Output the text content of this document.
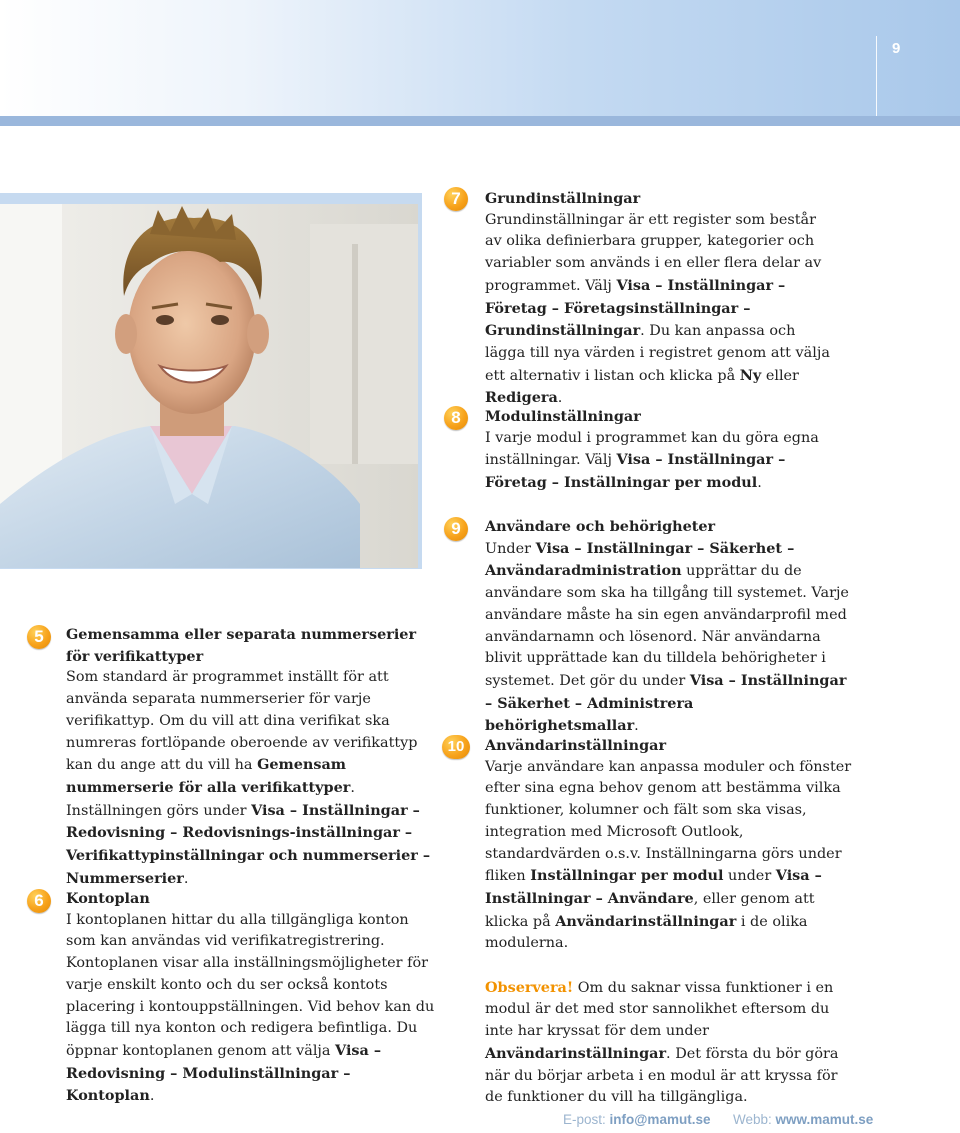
9
5	Gemensamma eller separata nummerserier för verifikattyper
Som standard är programmet inställt för att använda separata nummerserier för varje verifikattyp. Om du vill att dina verifikat ska numreras fortlöpande oberoende av verifikattyp kan du ange att du vill ha Gemensam nummerserie för alla verifikattyper. Inställningen görs under Visa – Inställningar – Redovisning – Redovisnings-inställningar – Verifikattypinställningar och nummerserier – Nummerserier.

6	Kontoplan
I kontoplanen hittar du alla tillgängliga konton som kan användas vid verifikatregistrering. Kontoplanen visar alla inställningsmöjligheter för varje enskilt konto och du ser också kontots placering i kontouppställningen. Vid behov kan du lägga till nya konton och redigera befintliga. Du öppnar kontoplanen genom att välja Visa – Redovisning – Modulinställningar – Kontoplan.

7	Grundinställningar
Grundinställningar är ett register som består av olika definierbara grupper, kategorier och variabler som används i en eller flera delar av programmet. Välj Visa – Inställningar – Företag – Företagsinställningar – Grundinställningar. Du kan anpassa och lägga till nya värden i registret genom att välja ett alternativ i listan och klicka på Ny eller Redigera.

8	Modulinställningar
I varje modul i programmet kan du göra egna inställningar. Välj Visa – Inställningar – Företag – Inställningar per modul.

9	Användare och behörigheter
Under Visa – Inställningar – Säkerhet – Användaradministration upprättar du de användare som ska ha tillgång till systemet. Varje användare måste ha sin egen användarprofil med användarnamn och lösenord. När användarna blivit upprättade kan du tilldela behörigheter i systemet. Det gör du under Visa – Inställningar – Säkerhet – Administrera behörighetsmallar.

10	Användarinställningar
Varje användare kan anpassa moduler och fönster efter sina egna behov genom att bestämma vilka funktioner, kolumner och fält som ska visas, integration med Microsoft Outlook, standardvärden o.s.v. Inställningarna görs under fliken Inställningar per modul under Visa – Inställningar – Användare, eller genom att klicka på Användarinställningar i de olika modulerna.

Observera! Om du saknar vissa funktioner i en modul är det med stor sannolikhet eftersom du inte har kryssat för dem under Användarinställningar. Det första du bör göra när du börjar arbeta i en modul är att kryssa för de funktioner du vill ha tillgängliga.

E-post: info@mamut.se Webb: www.mamut.se
